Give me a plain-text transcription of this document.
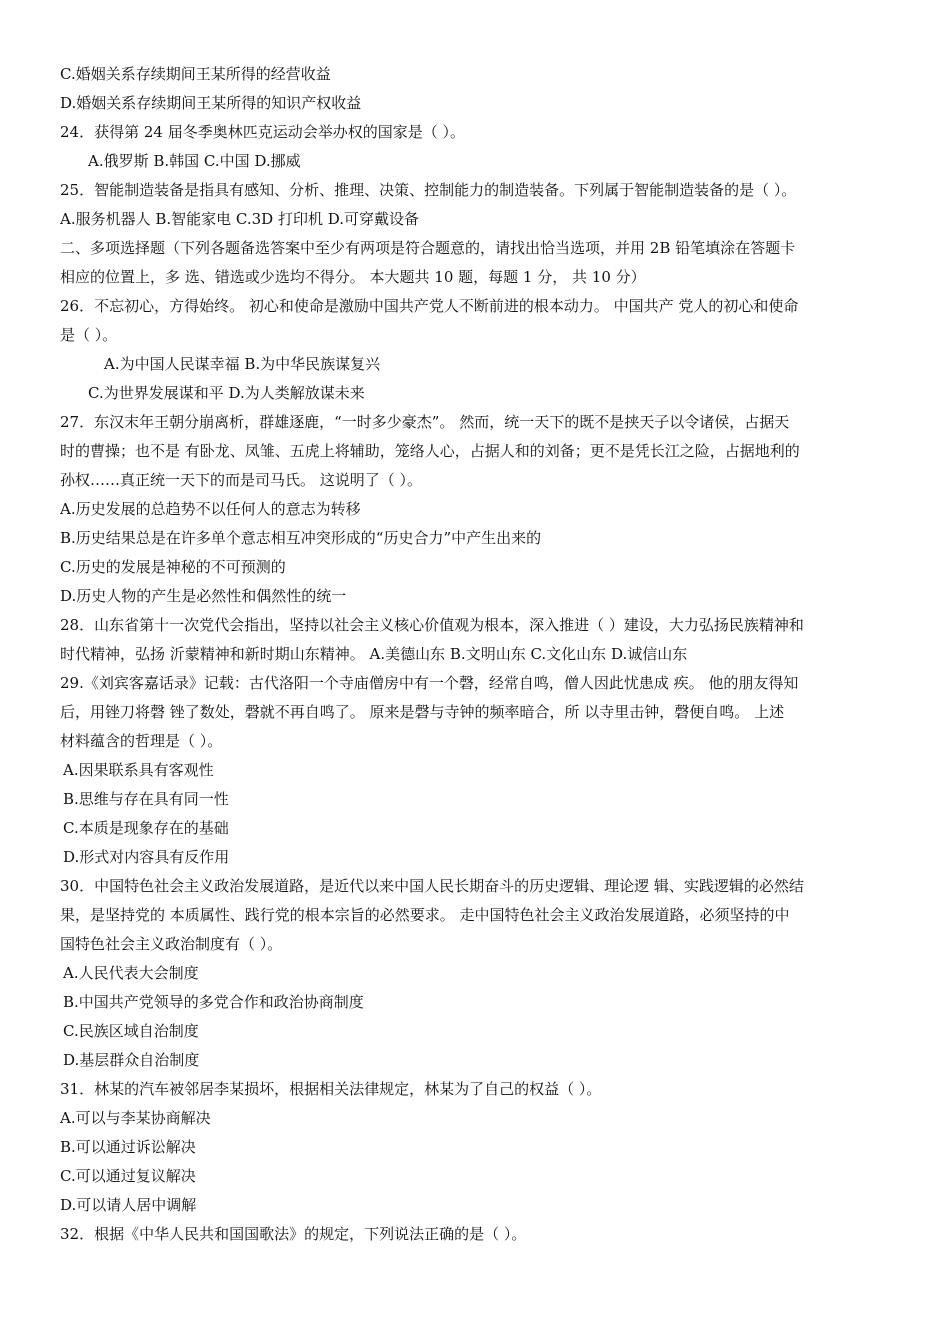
C.婚姻关系存续期间王某所得的经营收益
D.婚姻关系存续期间王某所得的知识产权收益
24．获得第 24 届冬季奥林匹克运动会举办权的国家是（ ）。
A.俄罗斯 B.韩国 C.中国 D.挪威
25．智能制造装备是指具有感知、分析、推理、决策、控制能力的制造装备。下列属于智能制造装备的是（ ）。
A.服务机器人 B.智能家电 C.3D 打印机 D.可穿戴设备
二、多项选择题（下列各题备选答案中至少有两项是符合题意的，请找出恰当选项，并用 2B 铅笔填涂在答题卡
相应的位置上，多 选、错选或少选均不得分。 本大题共 10 题，每题 1 分， 共 10 分）
26．不忘初心，方得始终。 初心和使命是激励中国共产党人不断前进的根本动力。 中国共产 党人的初心和使命
是（ ）。
A.为中国人民谋幸福 B.为中华民族谋复兴
C.为世界发展谋和平 D.为人类解放谋未来
27．东汉末年王朝分崩离析，群雄逐鹿，“一时多少豪杰”。 然而，统一天下的既不是挟天子以令诸侯，占据天
时的曹操；也不是 有卧龙、凤雏、五虎上将辅助，笼络人心，占据人和的刘备；更不是凭长江之险，占据地利的
孙权……真正统一天下的而是司马氏。 这说明了（ ）。
A.历史发展的总趋势不以任何人的意志为转移
B.历史结果总是在许多单个意志相互冲突形成的“历史合力”中产生出来的
C.历史的发展是神秘的不可预测的
D.历史人物的产生是必然性和偶然性的统一
28．山东省第十一次党代会指出，坚持以社会主义核心价值观为根本，深入推进（ ）建设，大力弘扬民族精神和
时代精神，弘扬 沂蒙精神和新时期山东精神。 A.美德山东 B.文明山东 C.文化山东 D.诚信山东
29.《刘宾客嘉话录》记载：古代洛阳一个寺庙僧房中有一个磬，经常自鸣，僧人因此忧患成 疾。 他的朋友得知
后，用锉刀将磬 锉了数处，磬就不再自鸣了。 原来是磬与寺钟的频率暗合，所 以寺里击钟，磬便自鸣。 上述
材料蕴含的哲理是（ ）。
A.因果联系具有客观性
B.思维与存在具有同一性
C.本质是现象存在的基础
D.形式对内容具有反作用
30．中国特色社会主义政治发展道路，是近代以来中国人民长期奋斗的历史逻辑、理论逻 辑、实践逻辑的必然结
果，是坚持党的 本质属性、践行党的根本宗旨的必然要求。 走中国特色社会主义政治发展道路，必须坚持的中
国特色社会主义政治制度有（ ）。
A.人民代表大会制度
B.中国共产党领导的多党合作和政治协商制度
C.民族区域自治制度
D.基层群众自治制度
31．林某的汽车被邻居李某损坏，根据相关法律规定，林某为了自己的权益（ ）。
A.可以与李某协商解决
B.可以通过诉讼解决
C.可以通过复议解决
D.可以请人居中调解
32．根据《中华人民共和国国歌法》的规定，下列说法正确的是（ ）。
